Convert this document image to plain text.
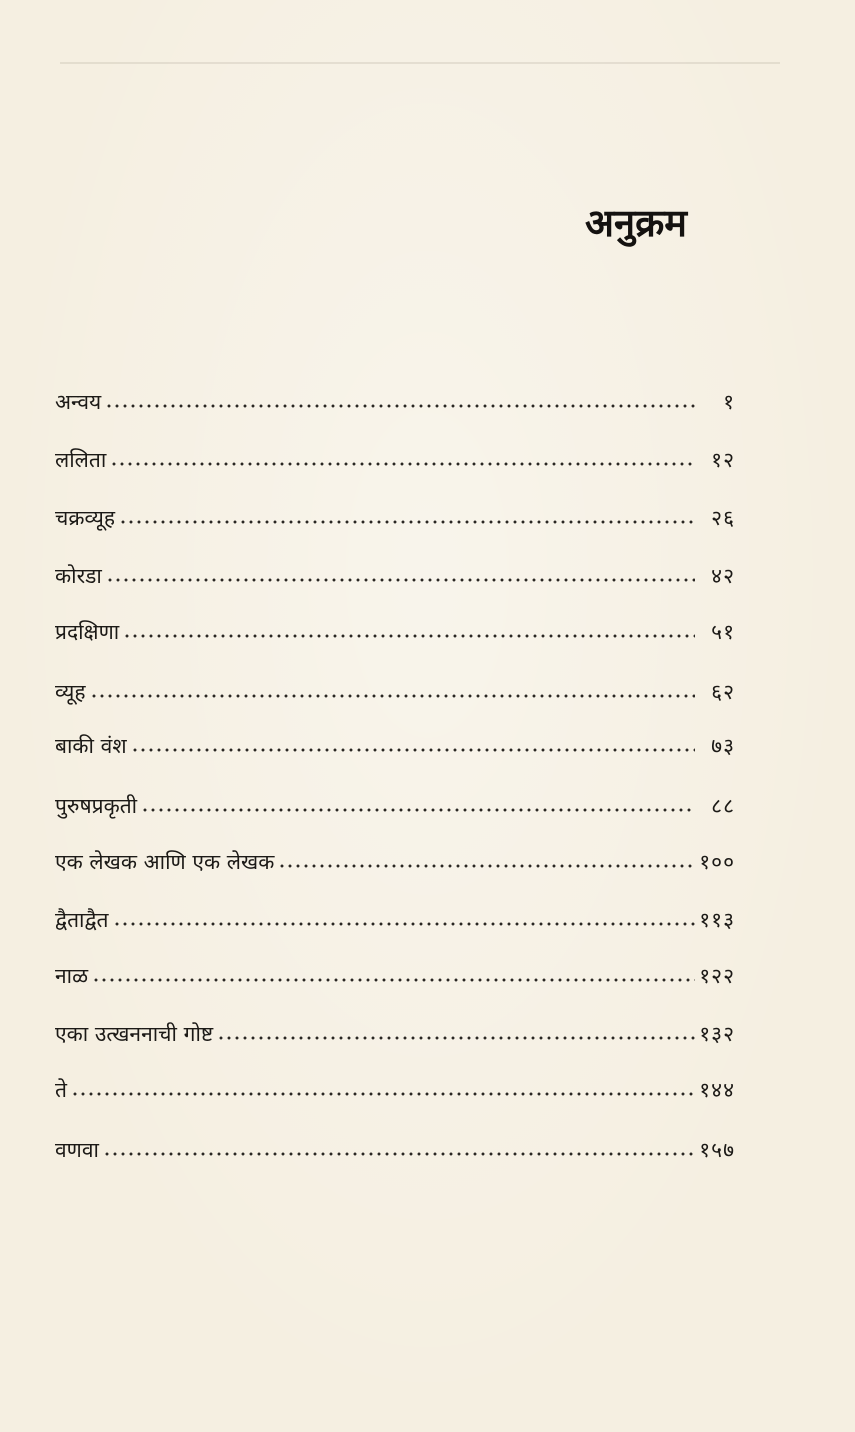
अनुक्रम
अन्वय	१
ललिता	१२
चक्रव्यूह	२६
कोरडा	४२
प्रदक्षिणा	५१
व्यूह	६२
बाकी वंश	७३
पुरुषप्रकृती	८८
एक लेखक आणि एक लेखक	१००
द्वैताद्वैत	११३
नाळ	१२२
एका उत्खननाची गोष्ट	१३२
ते	१४४
वणवा	१५७
